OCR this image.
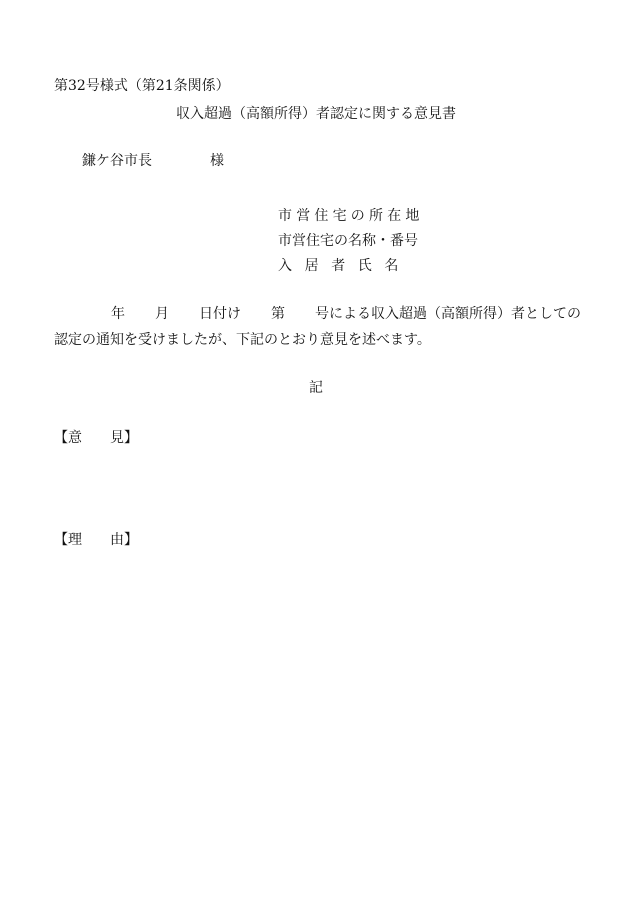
第32号様式（第21条関係）
収入超過（高額所得）者認定に関する意見書
鎌ケ谷市長	様
市営住宅の所在地
市営住宅の名称・番号
入居者氏名
年 月 日付け 第 号による収入超過（高額所得）者としての
認定の通知を受けましたが、下記のとおり意見を述べます。
記
【意　　見】
【理　　由】
